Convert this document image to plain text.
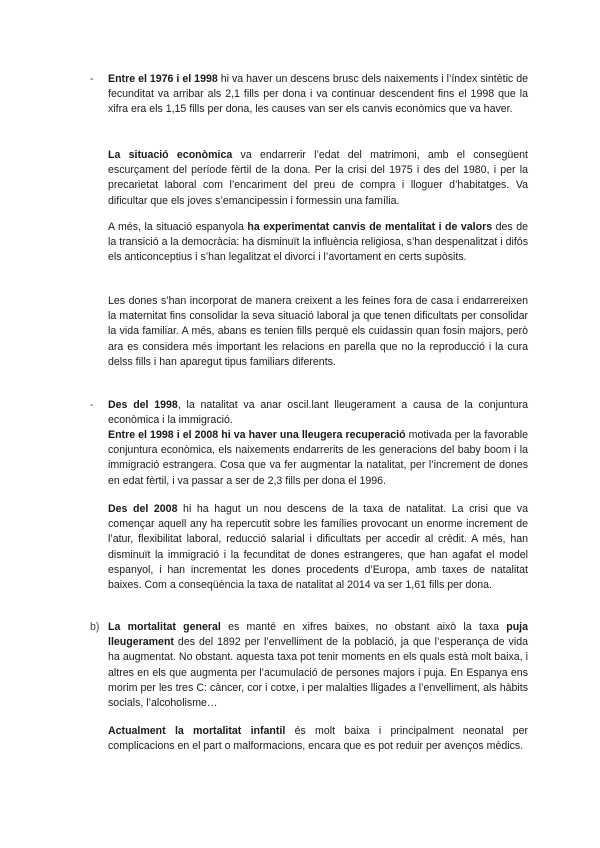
- Entre el 1976 i el 1998 hi va haver un descens brusc dels naixements i l’índex sintètic de fecunditat va arribar als 2,1 fills per dona i va continuar descendent fins el 1998 que la xifra era els 1,15 fills per dona, les causes van ser els canvis econòmics que va haver.

La situació econòmica va endarrerir l’edat del matrimoni, amb el consegüent escurçament del període fèrtil de la dona. Per la crisi del 1975 i des del 1980, i per la precarietat laboral com l’encariment del preu de compra i lloguer d’habitatges. Va dificultar que els joves s’emancipessin i formessin una família.

A més, la situació espanyola ha experimentat canvis de mentalitat i de valors des de la transició a la democràcia: ha disminuït la influència religiosa, s’han despenalitzat i difós els anticonceptius i s’han legalitzat el divorci i l’avortament en certs supòsits.

Les dones s’han incorporat de manera creixent a les feines fora de casa i endarrereixen la maternitat fins consolidar la seva situació laboral ja que tenen dificultats per consolidar la vida familiar. A més, abans es tenien fills perquè els cuidassin quan fosin majors, però ara es considera més important les relacions en parella que no la reproducció i la cura delss fills i han aparegut tipus familiars diferents.

- Des del 1998, la natalitat va anar oscil.lant lleugerament a causa de la conjuntura econòmica i la immigració.

Entre el 1998 i el 2008 hi va haver una lleugera recuperació motivada per la favorable conjuntura econòmica, els naixements endarrerits de les generacions del baby boom i la immigració estrangera. Cosa que va fer augmentar la natalitat, per l’increment de dones en edat fèrtil, i va passar a ser de 2,3 fills per dona el 1996.

Des del 2008 hi ha hagut un nou descens de la taxa de natalitat. La crisi que va començar aquell any ha repercutit sobre les famílies provocant un enorme increment de l’atur, flexibilitat laboral, reducció salarial i dificultats per accedir al crèdit. A més, han disminuït la immigració i la fecunditat de dones estrangeres, que han agafat el model espanyol, i han incrementat les dones procedents d’Europa, amb taxes de natalitat baixes. Com a conseqüència la taxa de natalitat al 2014 va ser 1,61 fills per dona.

b) La mortalitat general es manté en xifres baixes, no obstant això la taxa puja lleugerament des del 1892 per l’envelliment de la població, ja que l’esperança de vida ha augmentat. No obstant. aquesta taxa pot tenir moments en els quals està molt baixa, i altres en els que augmenta per l’acumulació de persones majors i puja. En Espanya ens morim per les tres C: càncer, cor i cotxe, i per malalties lligades a l’envelliment, als hàbits socials, l’alcoholisme…

Actualment la mortalitat infantil és molt baixa i principalment neonatal per complicacions en el part o malformacions, encara que es pot reduir per avenços mèdics.
